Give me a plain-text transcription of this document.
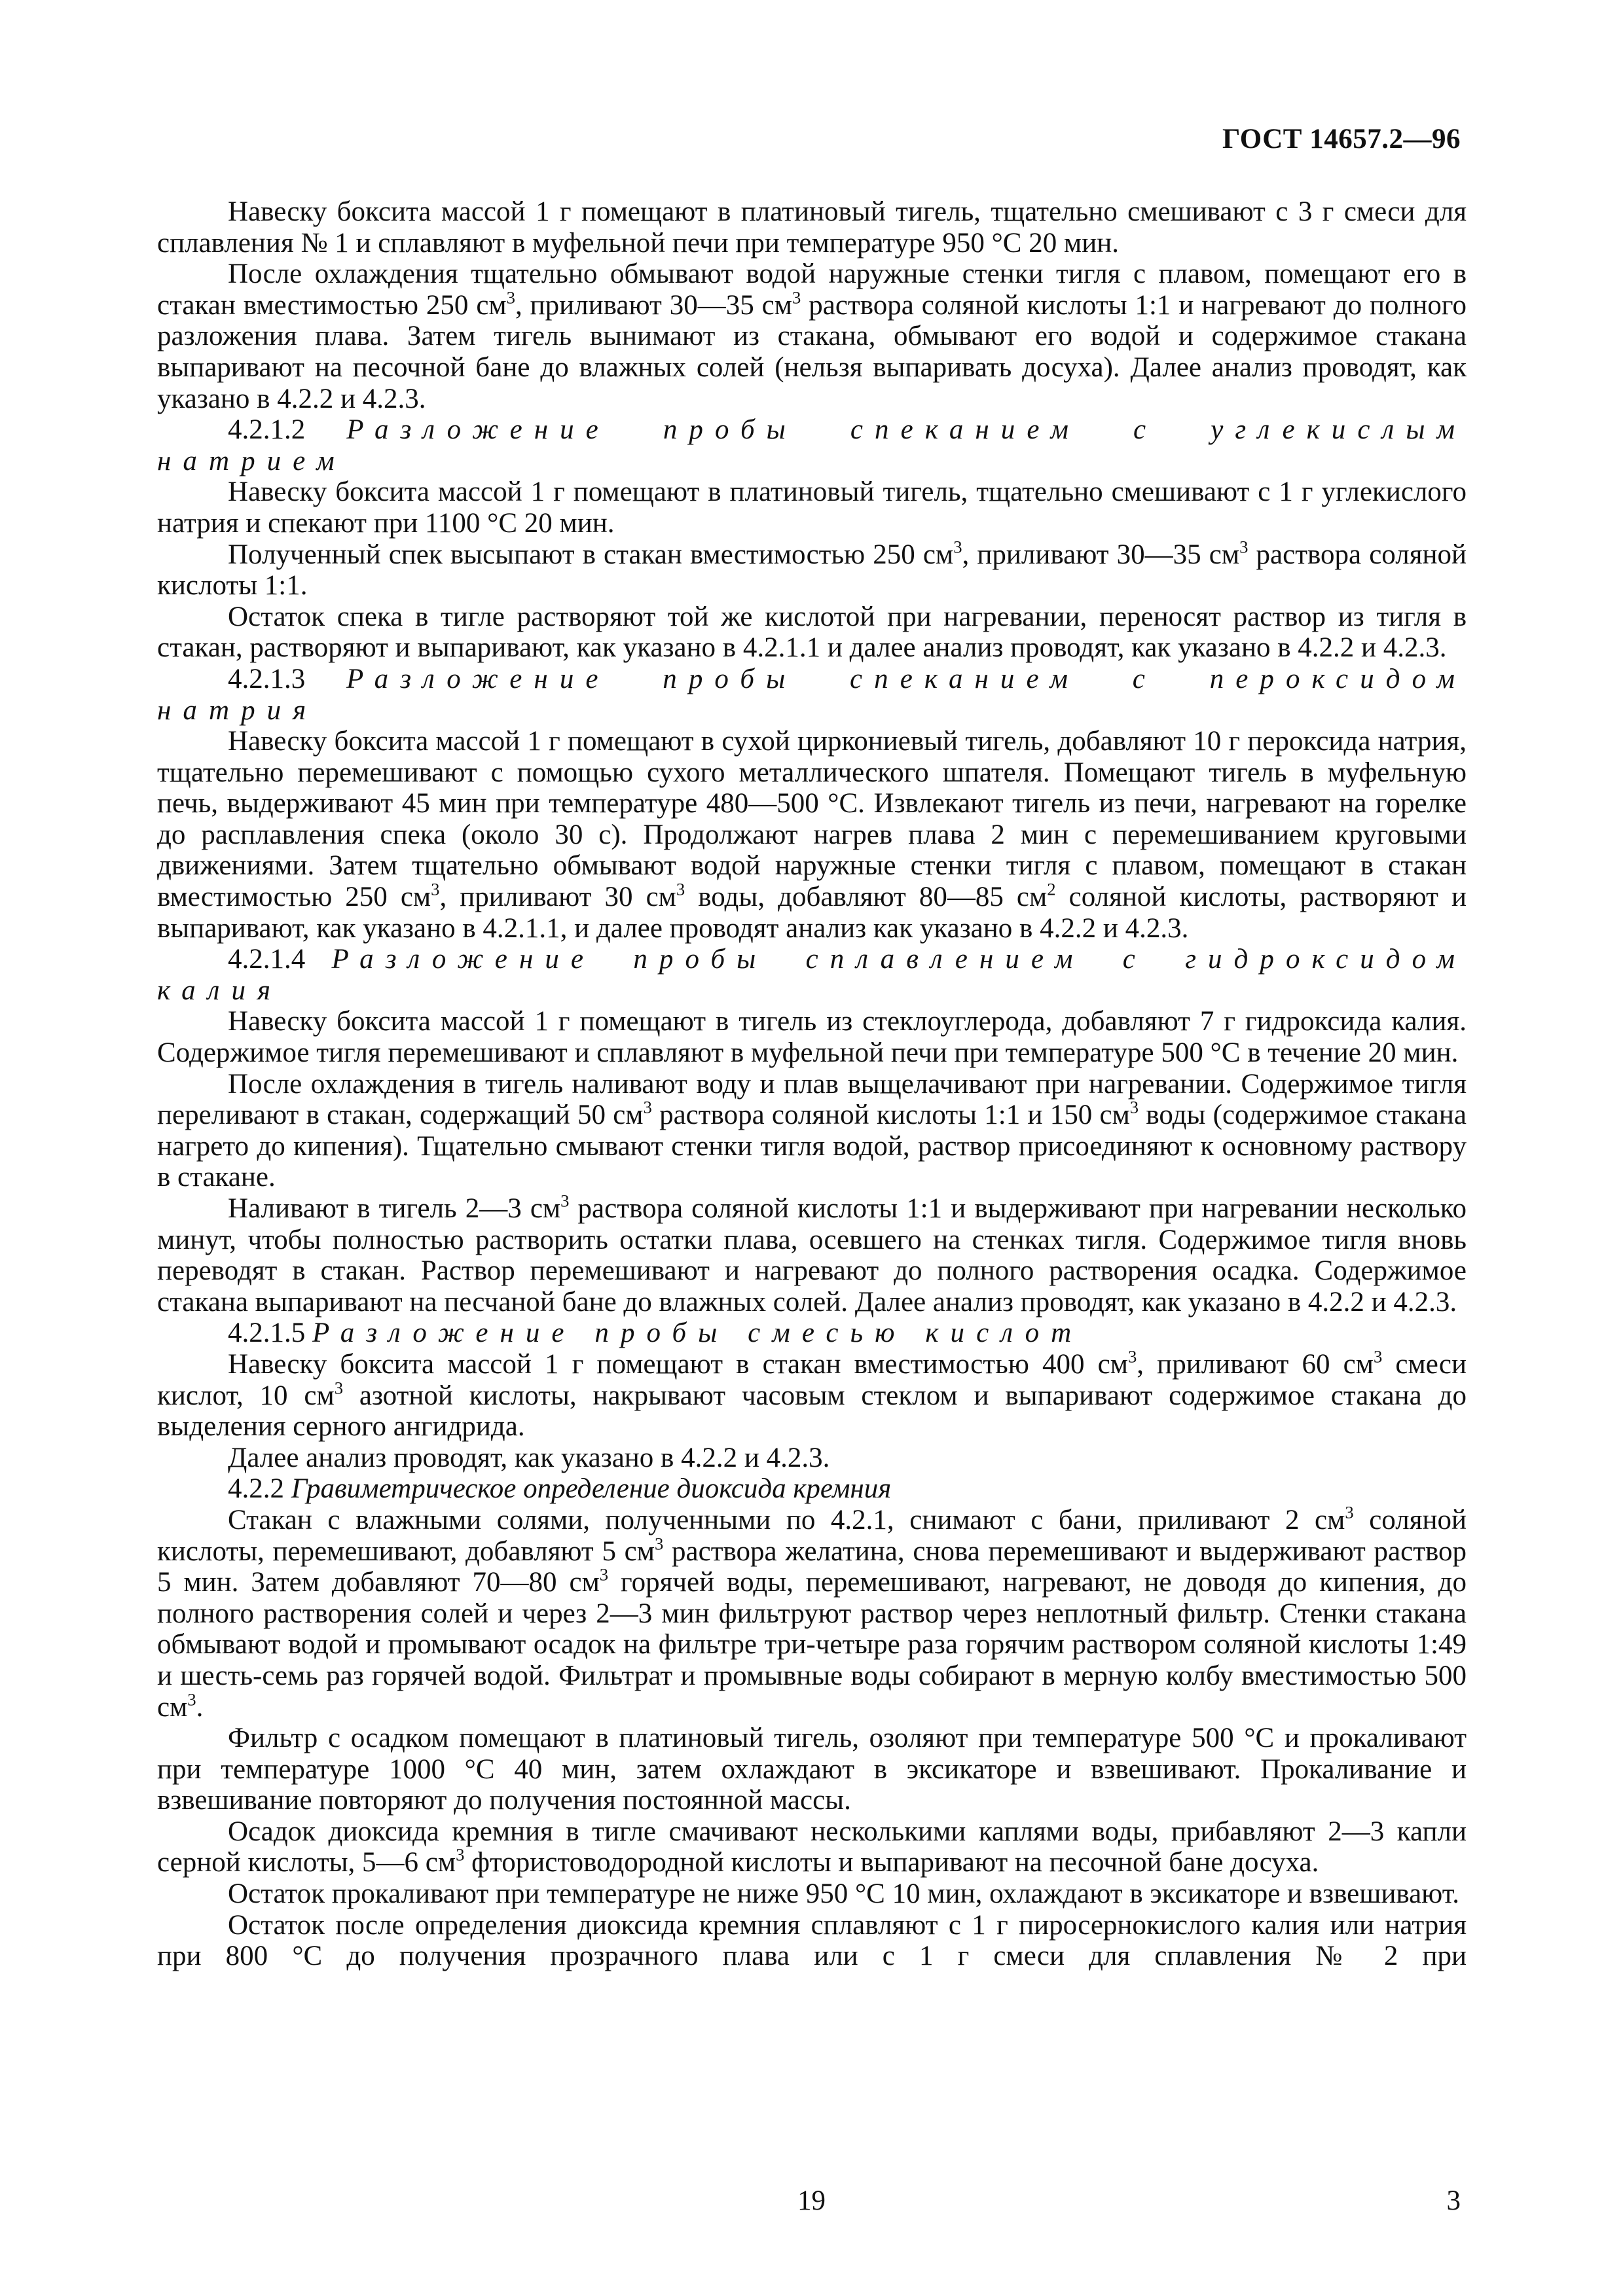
ГОСТ 14657.2—96

Навеску боксита массой 1 г помещают в платиновый тигель, тщательно смешивают с 3 г смеси для сплавления № 1 и сплавляют в муфельной печи при температуре 950 °С 20 мин.

После охлаждения тщательно обмывают водой наружные стенки тигля с плавом, помещают его в стакан вместимостью 250 $см^3$, приливают 30—35 $см^3$ раствора соляной кислоты 1:1 и нагревают до полного разложения плава. Затем тигель вынимают из стакана, обмывают его водой и содержимое стакана выпаривают на песочной бане до влажных солей (нельзя выпаривать досуха). Далее анализ проводят, как указано в 4.2.2 и 4.2.3.

4.2.1.2 Разложение пробы спеканием с углекислым натрием

Навеску боксита массой 1 г помещают в платиновый тигель, тщательно смешивают с 1 г углекислого натрия и спекают при 1100 °С 20 мин.

Полученный спек высыпают в стакан вместимостью 250 $см^3$, приливают 30—35 $см^3$ раствора соляной кислоты 1:1.

Остаток спека в тигле растворяют той же кислотой при нагревании, переносят раствор из тигля в стакан, растворяют и выпаривают, как указано в 4.2.1.1 и далее анализ проводят, как указано в 4.2.2 и 4.2.3.

4.2.1.3 Разложение пробы спеканием с пероксидом натрия

Навеску боксита массой 1 г помещают в сухой циркониевый тигель, добавляют 10 г пероксида натрия, тщательно перемешивают с помощью сухого металлического шпателя. Помещают тигель в муфельную печь, выдерживают 45 мин при температуре 480—500 °С. Извлекают тигель из печи, нагревают на горелке до расплавления спека (около 30 с). Продолжают нагрев плава 2 мин с перемешиванием круговыми движениями. Затем тщательно обмывают водой наружные стенки тигля с плавом, помещают в стакан вместимостью 250 $см^3$, приливают 30 $см^3$ воды, добавляют 80—85 $см^2$ соляной кислоты, растворяют и выпаривают, как указано в 4.2.1.1, и далее проводят анализ как указано в 4.2.2 и 4.2.3.

4.2.1.4 Разложение пробы сплавлением с гидроксидом калия

Навеску боксита массой 1 г помещают в тигель из стеклоуглерода, добавляют 7 г гидроксида калия. Содержимое тигля перемешивают и сплавляют в муфельной печи при температуре 500 °С в течение 20 мин.

После охлаждения в тигель наливают воду и плав выщелачивают при нагревании. Содержимое тигля переливают в стакан, содержащий 50 $см^3$ раствора соляной кислоты 1:1 и 150 $см^3$ воды (содержимое стакана нагрето до кипения). Тщательно смывают стенки тигля водой, раствор присоединяют к основному раствору в стакане.

Наливают в тигель 2—3 $см^3$ раствора соляной кислоты 1:1 и выдерживают при нагревании несколько минут, чтобы полностью растворить остатки плава, осевшего на стенках тигля. Содержимое тигля вновь переводят в стакан. Раствор перемешивают и нагревают до полного растворения осадка. Содержимое стакана выпаривают на песчаной бане до влажных солей. Далее анализ проводят, как указано в 4.2.2 и 4.2.3.

4.2.1.5 Разложение пробы смесью кислот

Навеску боксита массой 1 г помещают в стакан вместимостью 400 $см^3$, приливают 60 $см^3$ смеси кислот, 10 $см^3$ азотной кислоты, накрывают часовым стеклом и выпаривают содержимое стакана до выделения серного ангидрида.

Далее анализ проводят, как указано в 4.2.2 и 4.2.3.

4.2.2 Гравиметрическое определение диоксида кремния

Стакан с влажными солями, полученными по 4.2.1, снимают с бани, приливают 2 $см^3$ соляной кислоты, перемешивают, добавляют 5 $см^3$ раствора желатина, снова перемешивают и выдерживают раствор 5 мин. Затем добавляют 70—80 $см^3$ горячей воды, перемешивают, нагревают, не доводя до кипения, до полного растворения солей и через 2—3 мин фильтруют раствор через неплотный фильтр. Стенки стакана обмывают водой и промывают осадок на фильтре три-четыре раза горячим раствором соляной кислоты 1:49 и шесть-семь раз горячей водой. Фильтрат и промывные воды собирают в мерную колбу вместимостью 500 $см^3$.

Фильтр с осадком помещают в платиновый тигель, озоляют при температуре 500 °С и прокаливают при температуре 1000 °С 40 мин, затем охлаждают в эксикаторе и взвешивают. Прокаливание и взвешивание повторяют до получения постоянной массы.

Осадок диоксида кремния в тигле смачивают несколькими каплями воды, прибавляют 2—3 капли серной кислоты, 5—6 $см^3$ фтористоводородной кислоты и выпаривают на песочной бане досуха.

Остаток прокаливают при температуре не ниже 950 °С 10 мин, охлаждают в эксикаторе и взвешивают.

Остаток после определения диоксида кремния сплавляют с 1 г пиросернокислого калия или натрия при 800 °С до получения прозрачного плава или с 1 г смеси для сплавления № 2 при

19	3
